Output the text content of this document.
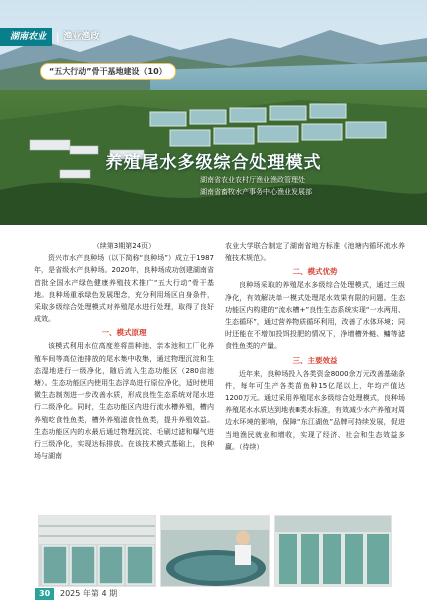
湖南农业	| 渔业渔政
“五大行动”骨干基地建设（10）
养殖尾水多级综合处理模式
湖南省农业农村厅渔业渔政管理处
湖南省畜牧水产事务中心渔业发展部

（续第3期第24页）

资兴市水产良种场（以下简称“良种场”）成立于1987年，是省级水产良种场。2020年，良种场成功创建湖南省首批全国水产绿色健康养殖技术推广“五大行动”骨干基地。良种场重承绿色发展理念，充分利用场区自身条件，采取多级综合处理模式对养殖尾水进行处理，取得了良好成效。

一、模式原理

该模式利用水位高度差将苗种池、亲本池和工厂化养殖车间等高位池排放的尾水集中收集，通过物理沉淀和生态湿地进行一级净化，随后流入生态功能区（280亩池塘）。生态功能区内使用生态浮岛进行原位净化，适时使用微生态制剂进一步改善水质，形成良性生态系统对尾水进行二级净化。同时，生态功能区内进行流水槽养殖，槽内养殖吃食性鱼类，槽外养殖滤食性鱼类，提升养殖效益。生态功能区内的水最后通过物理沉淀、毛刷过滤和曝气进行三级净化，实现达标排放。在该技术模式基础上，良种场与湖南

农业大学联合制定了湖南省地方标准《池塘内循环流水养殖技术规范》。

二、模式优势

良种场采取的养殖尾水多级综合处理模式，通过三级净化，有效解决单一模式处理尾水效果有限的问题。生态功能区内构建的“流水槽+”良性生态系统实现“一水两用、生态循环”，通过营养物质循环利用，改善了水体环境；同时还能在不增加投饵投肥的情况下，净增槽外鲢、鳙等滤食性鱼类的产量。

三、主要效益

近年来，良种场投入各类资金8000余万元改善基础条件，每年可生产各类苗鱼种15亿尾以上，年均产值达1200万元。通过采用养殖尾水多级综合处理模式，良种场养殖尾水水质达到地表Ⅲ类水标准，有效减少水产养殖对周边水环境的影响，保障“东江湖鱼”品牌可持续发展，促进当地渔民就业和增收，实现了经济、社会和生态效益多赢。（待续）

30	2025 年第 4 期
